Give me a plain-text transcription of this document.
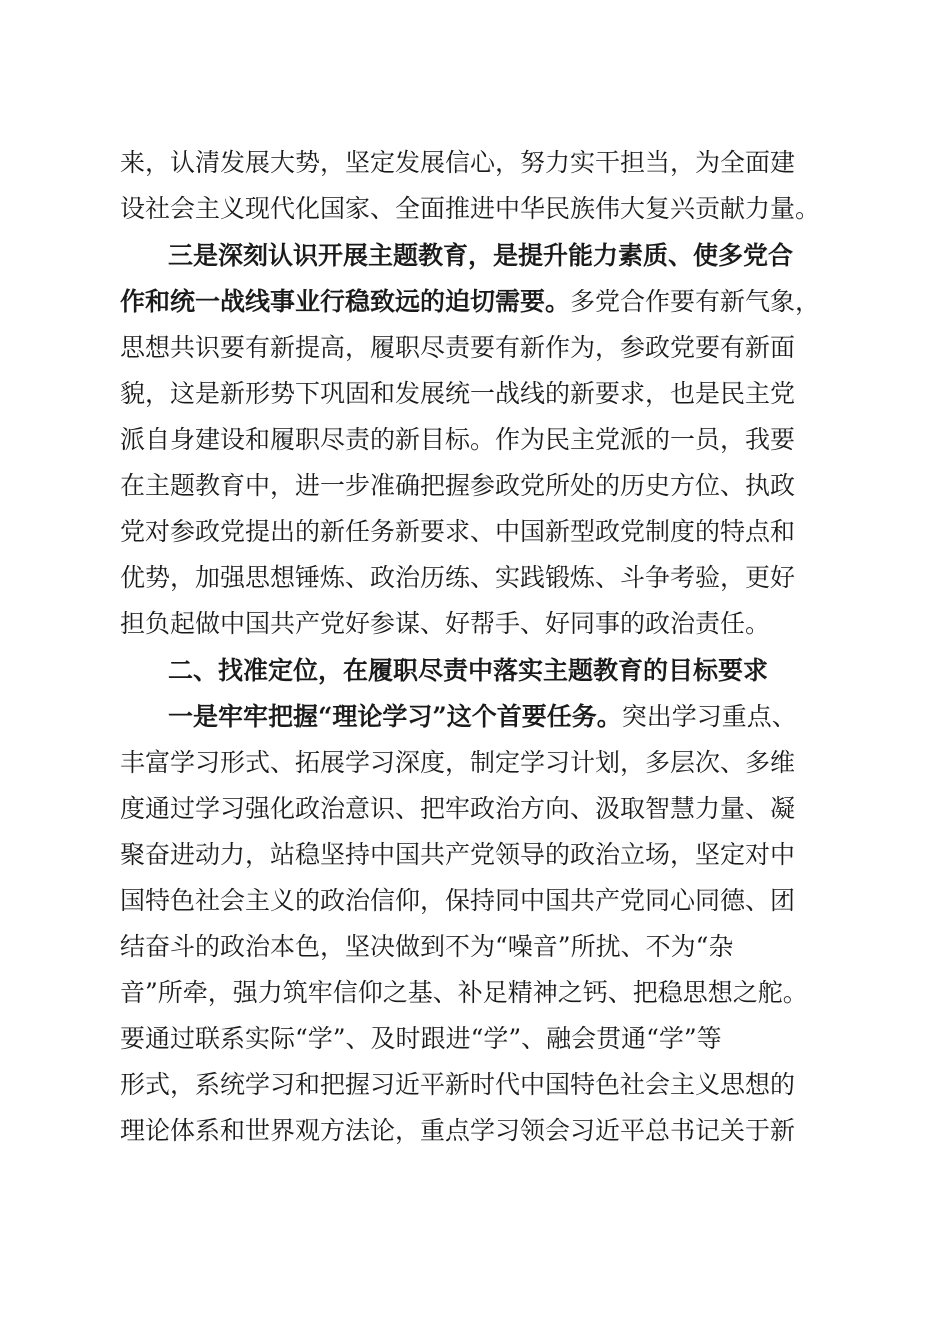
来，认清发展大势，坚定发展信心，努力实干担当，为全面建
设社会主义现代化国家、全面推进中华民族伟大复兴贡献力量。
三是深刻认识开展主题教育，是提升能力素质、使多党合
作和统一战线事业行稳致远的迫切需要。多党合作要有新气象，
思想共识要有新提高，履职尽责要有新作为，参政党要有新面
貌，这是新形势下巩固和发展统一战线的新要求，也是民主党
派自身建设和履职尽责的新目标。作为民主党派的一员，我要
在主题教育中，进一步准确把握参政党所处的历史方位、执政
党对参政党提出的新任务新要求、中国新型政党制度的特点和
优势，加强思想锤炼、政治历练、实践锻炼、斗争考验，更好
担负起做中国共产党好参谋、好帮手、好同事的政治责任。
二、找准定位，在履职尽责中落实主题教育的目标要求
一是牢牢把握“理论学习”这个首要任务。突出学习重点、
丰富学习形式、拓展学习深度，制定学习计划，多层次、多维
度通过学习强化政治意识、把牢政治方向、汲取智慧力量、凝
聚奋进动力，站稳坚持中国共产党领导的政治立场，坚定对中
国特色社会主义的政治信仰，保持同中国共产党同心同德、团
结奋斗的政治本色，坚决做到不为“噪音”所扰、不为“杂
音”所牵，强力筑牢信仰之基、补足精神之钙、把稳思想之舵。
要通过联系实际“学”、及时跟进“学”、融会贯通“学”等
形式，系统学习和把握习近平新时代中国特色社会主义思想的
理论体系和世界观方法论，重点学习领会习近平总书记关于新
